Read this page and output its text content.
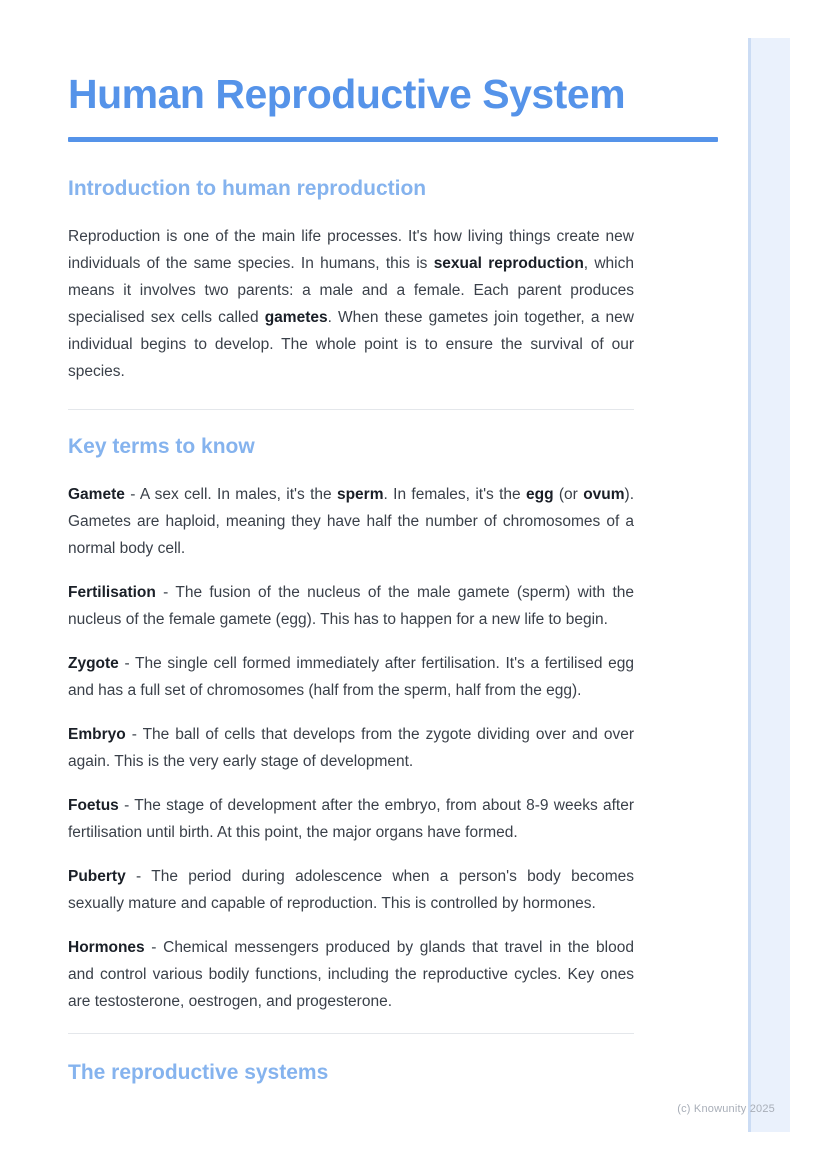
Human Reproductive System
Introduction to human reproduction

Reproduction is one of the main life processes. It's how living things create new individuals of the same species. In humans, this is sexual reproduction, which means it involves two parents: a male and a female. Each parent produces specialised sex cells called gametes. When these gametes join together, a new individual begins to develop. The whole point is to ensure the survival of our species.

Key terms to know

Gamete - A sex cell. In males, it's the sperm. In females, it's the egg (or ovum). Gametes are haploid, meaning they have half the number of chromosomes of a normal body cell.

Fertilisation - The fusion of the nucleus of the male gamete (sperm) with the nucleus of the female gamete (egg). This has to happen for a new life to begin.

Zygote - The single cell formed immediately after fertilisation. It's a fertilised egg and has a full set of chromosomes (half from the sperm, half from the egg).

Embryo - The ball of cells that develops from the zygote dividing over and over again. This is the very early stage of development.

Foetus - The stage of development after the embryo, from about 8-9 weeks after fertilisation until birth. At this point, the major organs have formed.

Puberty - The period during adolescence when a person's body becomes sexually mature and capable of reproduction. This is controlled by hormones.

Hormones - Chemical messengers produced by glands that travel in the blood and control various bodily functions, including the reproductive cycles. Key ones are testosterone, oestrogen, and progesterone.

The reproductive systems
(c) Knowunity 2025
